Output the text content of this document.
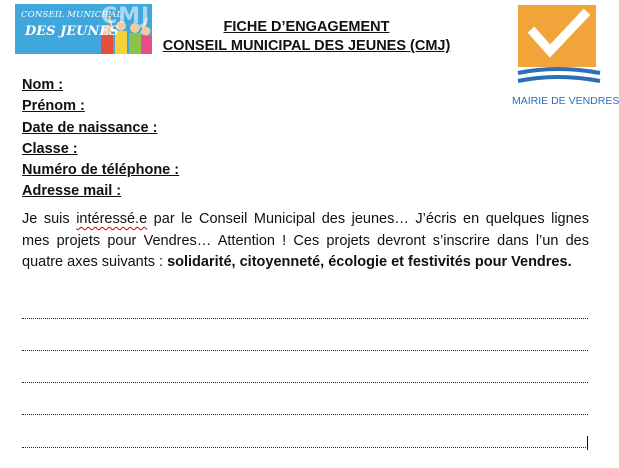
CMJ
CONSEIL MUNICIPAL
DES JEUNES	FICHE D’ENGAGEMENT
CONSEIL MUNICIPAL DES JEUNES (CMJ)
MAIRIE DE VENDRES
Nom :
Prénom :
Date de naissance :
Classe :
Numéro de téléphone :
Adresse mail :
Je suis intéressé.e par le Conseil Municipal des jeunes… J’écris en quelques lignes mes projets pour Vendres… Attention ! Ces projets devront s’inscrire dans l’un des quatre axes suivants : solidarité, citoyenneté, écologie et festivités pour Vendres.
